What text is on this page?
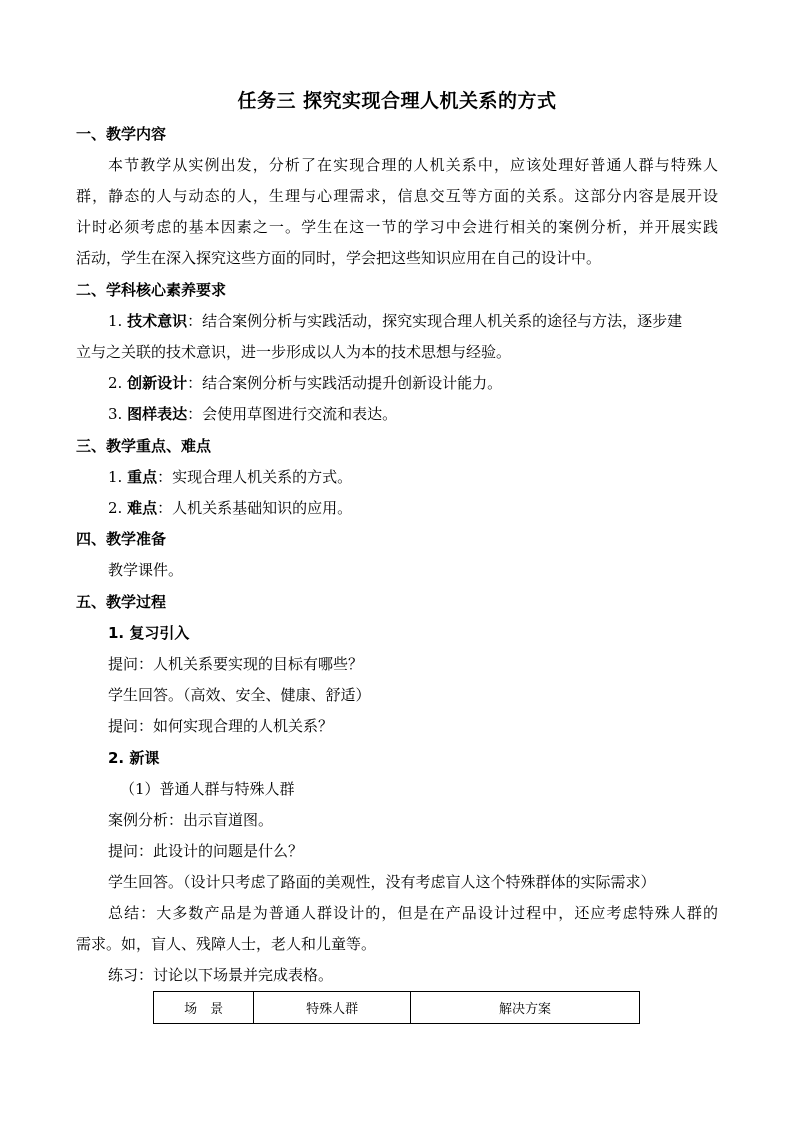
任务三 探究实现合理人机关系的方式
一、教学内容
本节教学从实例出发，分析了在实现合理的人机关系中，应该处理好普通人群与特殊人
群，静态的人与动态的人，生理与心理需求，信息交互等方面的关系。这部分内容是展开设
计时必须考虑的基本因素之一。学生在这一节的学习中会进行相关的案例分析，并开展实践
活动，学生在深入探究这些方面的同时，学会把这些知识应用在自己的设计中。
二、学科核心素养要求
1. 技术意识：结合案例分析与实践活动，探究实现合理人机关系的途径与方法，逐步建
立与之关联的技术意识，进一步形成以人为本的技术思想与经验。
2. 创新设计：结合案例分析与实践活动提升创新设计能力。
3. 图样表达：会使用草图进行交流和表达。
三、教学重点、难点
1. 重点：实现合理人机关系的方式。
2. 难点：人机关系基础知识的应用。
四、教学准备
教学课件。
五、教学过程
1. 复习引入
提问：人机关系要实现的目标有哪些？
学生回答。（高效、安全、健康、舒适）
提问：如何实现合理的人机关系？
2. 新课
（1）普通人群与特殊人群
案例分析：出示盲道图。
提问：此设计的问题是什么？
学生回答。（设计只考虑了路面的美观性，没有考虑盲人这个特殊群体的实际需求）
总结：大多数产品是为普通人群设计的，但是在产品设计过程中，还应考虑特殊人群的
需求。如，盲人、残障人士，老人和儿童等。
练习：讨论以下场景并完成表格。
场　景	特殊人群	解决方案
